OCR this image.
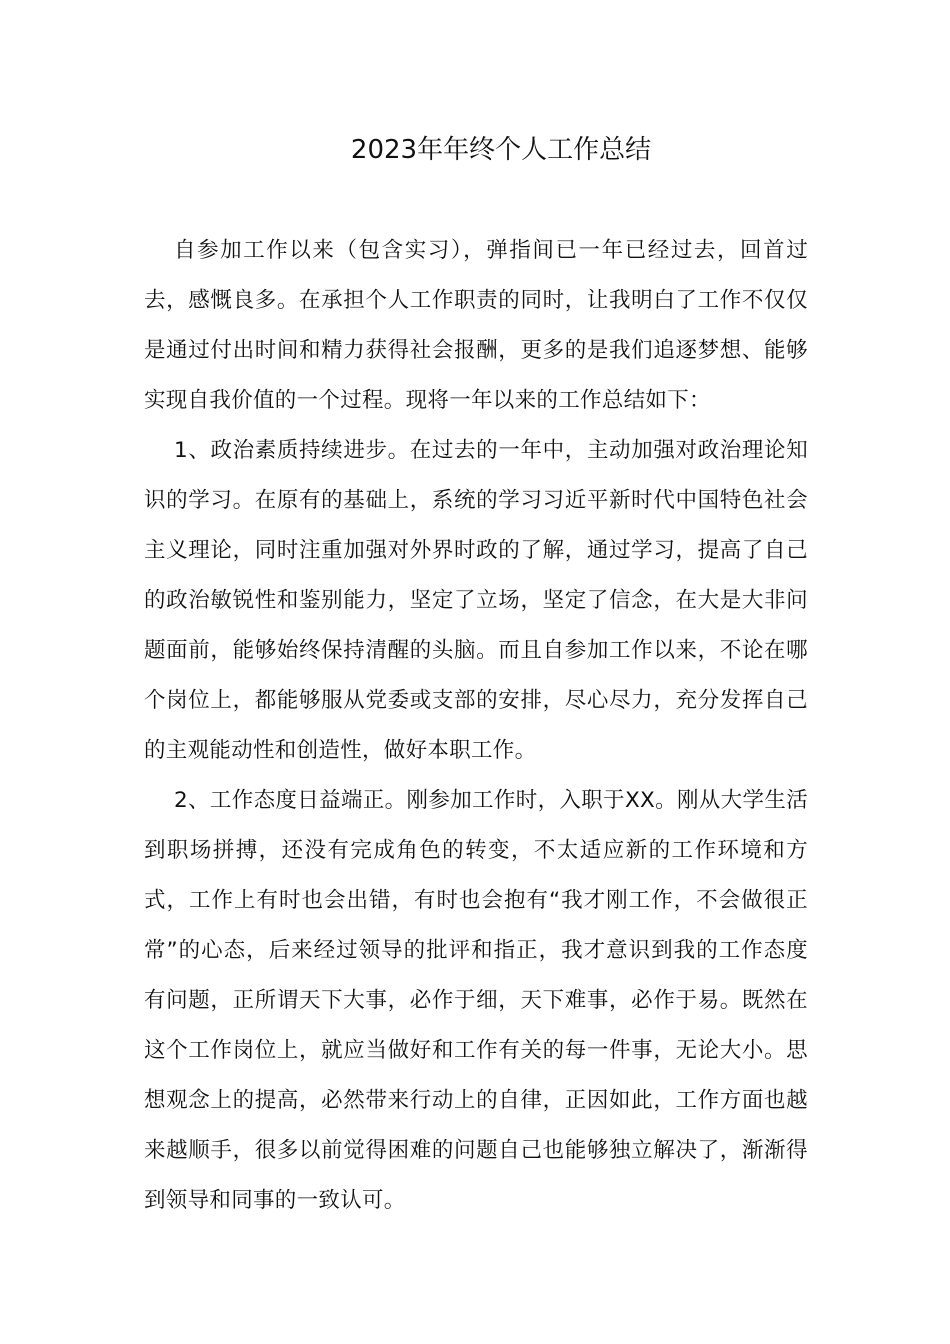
2023年年终个人工作总结

自参加工作以来（包含实习），弹指间已一年已经过去，回首过去，感慨良多。在承担个人工作职责的同时，让我明白了工作不仅仅是通过付出时间和精力获得社会报酬，更多的是我们追逐梦想、能够实现自我价值的一个过程。现将一年以来的工作总结如下：

1、政治素质持续进步。在过去的一年中，主动加强对政治理论知识的学习。在原有的基础上，系统的学习习近平新时代中国特色社会主义理论，同时注重加强对外界时政的了解，通过学习，提高了自己的政治敏锐性和鉴别能力，坚定了立场，坚定了信念，在大是大非问题面前，能够始终保持清醒的头脑。而且自参加工作以来，不论在哪个岗位上，都能够服从党委或支部的安排，尽心尽力，充分发挥自己的主观能动性和创造性，做好本职工作。

2、工作态度日益端正。刚参加工作时，入职于XX。刚从大学生活到职场拼搏，还没有完成角色的转变，不太适应新的工作环境和方式，工作上有时也会出错，有时也会抱有“我才刚工作，不会做很正常”的心态，后来经过领导的批评和指正，我才意识到我的工作态度有问题，正所谓天下大事，必作于细，天下难事，必作于易。既然在这个工作岗位上，就应当做好和工作有关的每一件事，无论大小。思想观念上的提高，必然带来行动上的自律，正因如此，工作方面也越来越顺手，很多以前觉得困难的问题自己也能够独立解决了，渐渐得到领导和同事的一致认可。
